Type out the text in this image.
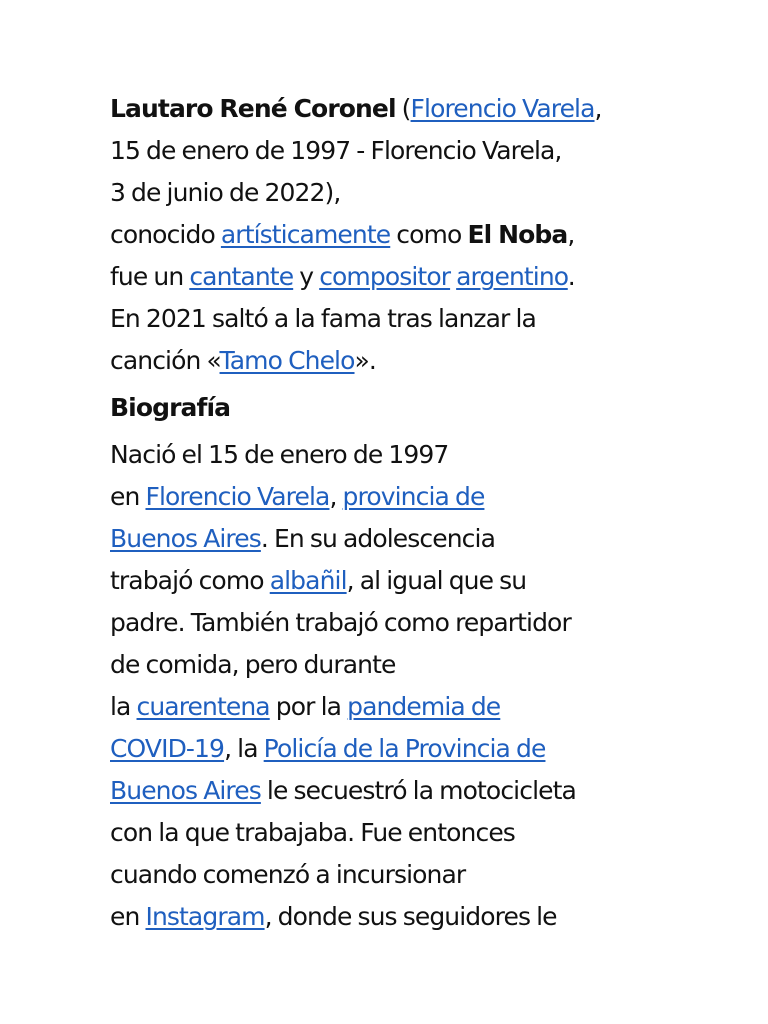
Lautaro René Coronel (Florencio Varela,
15 de enero de 1997 - Florencio Varela,
3 de junio de 2022),
conocido artísticamente como El Noba,
fue un cantante y compositor argentino.
En 2021 saltó a la fama tras lanzar la
canción «Tamo Chelo».

Biografía

Nació el 15 de enero de 1997
en Florencio Varela, provincia de
Buenos Aires. En su adolescencia
trabajó como albañil, al igual que su
padre. También trabajó como repartidor
de comida, pero durante
la cuarentena por la pandemia de
COVID-19, la Policía de la Provincia de
Buenos Aires le secuestró la motocicleta
con la que trabajaba. Fue entonces
cuando comenzó a incursionar
en Instagram, donde sus seguidores le
